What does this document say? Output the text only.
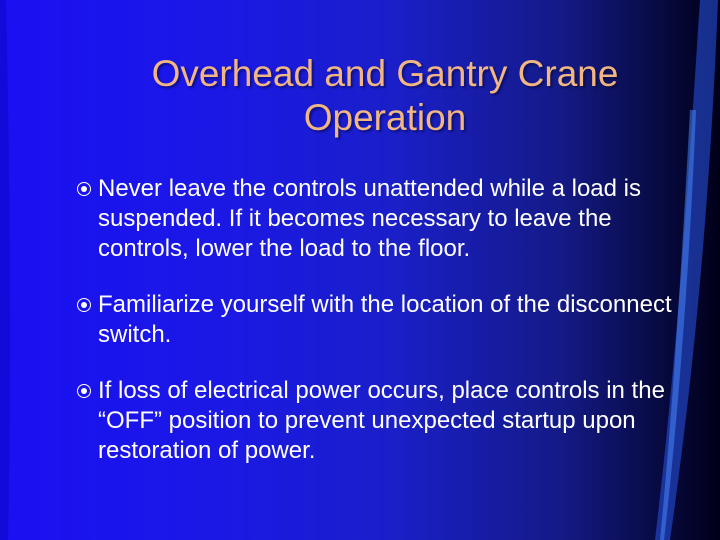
Overhead and Gantry Crane
Operation
Never leave the controls unattended while a load is suspended. If it becomes necessary to leave the controls, lower the load to the floor.
Familiarize yourself with the location of the disconnect switch.
If loss of electrical power occurs, place controls in the “OFF” position to prevent unexpected startup upon restoration of power.
